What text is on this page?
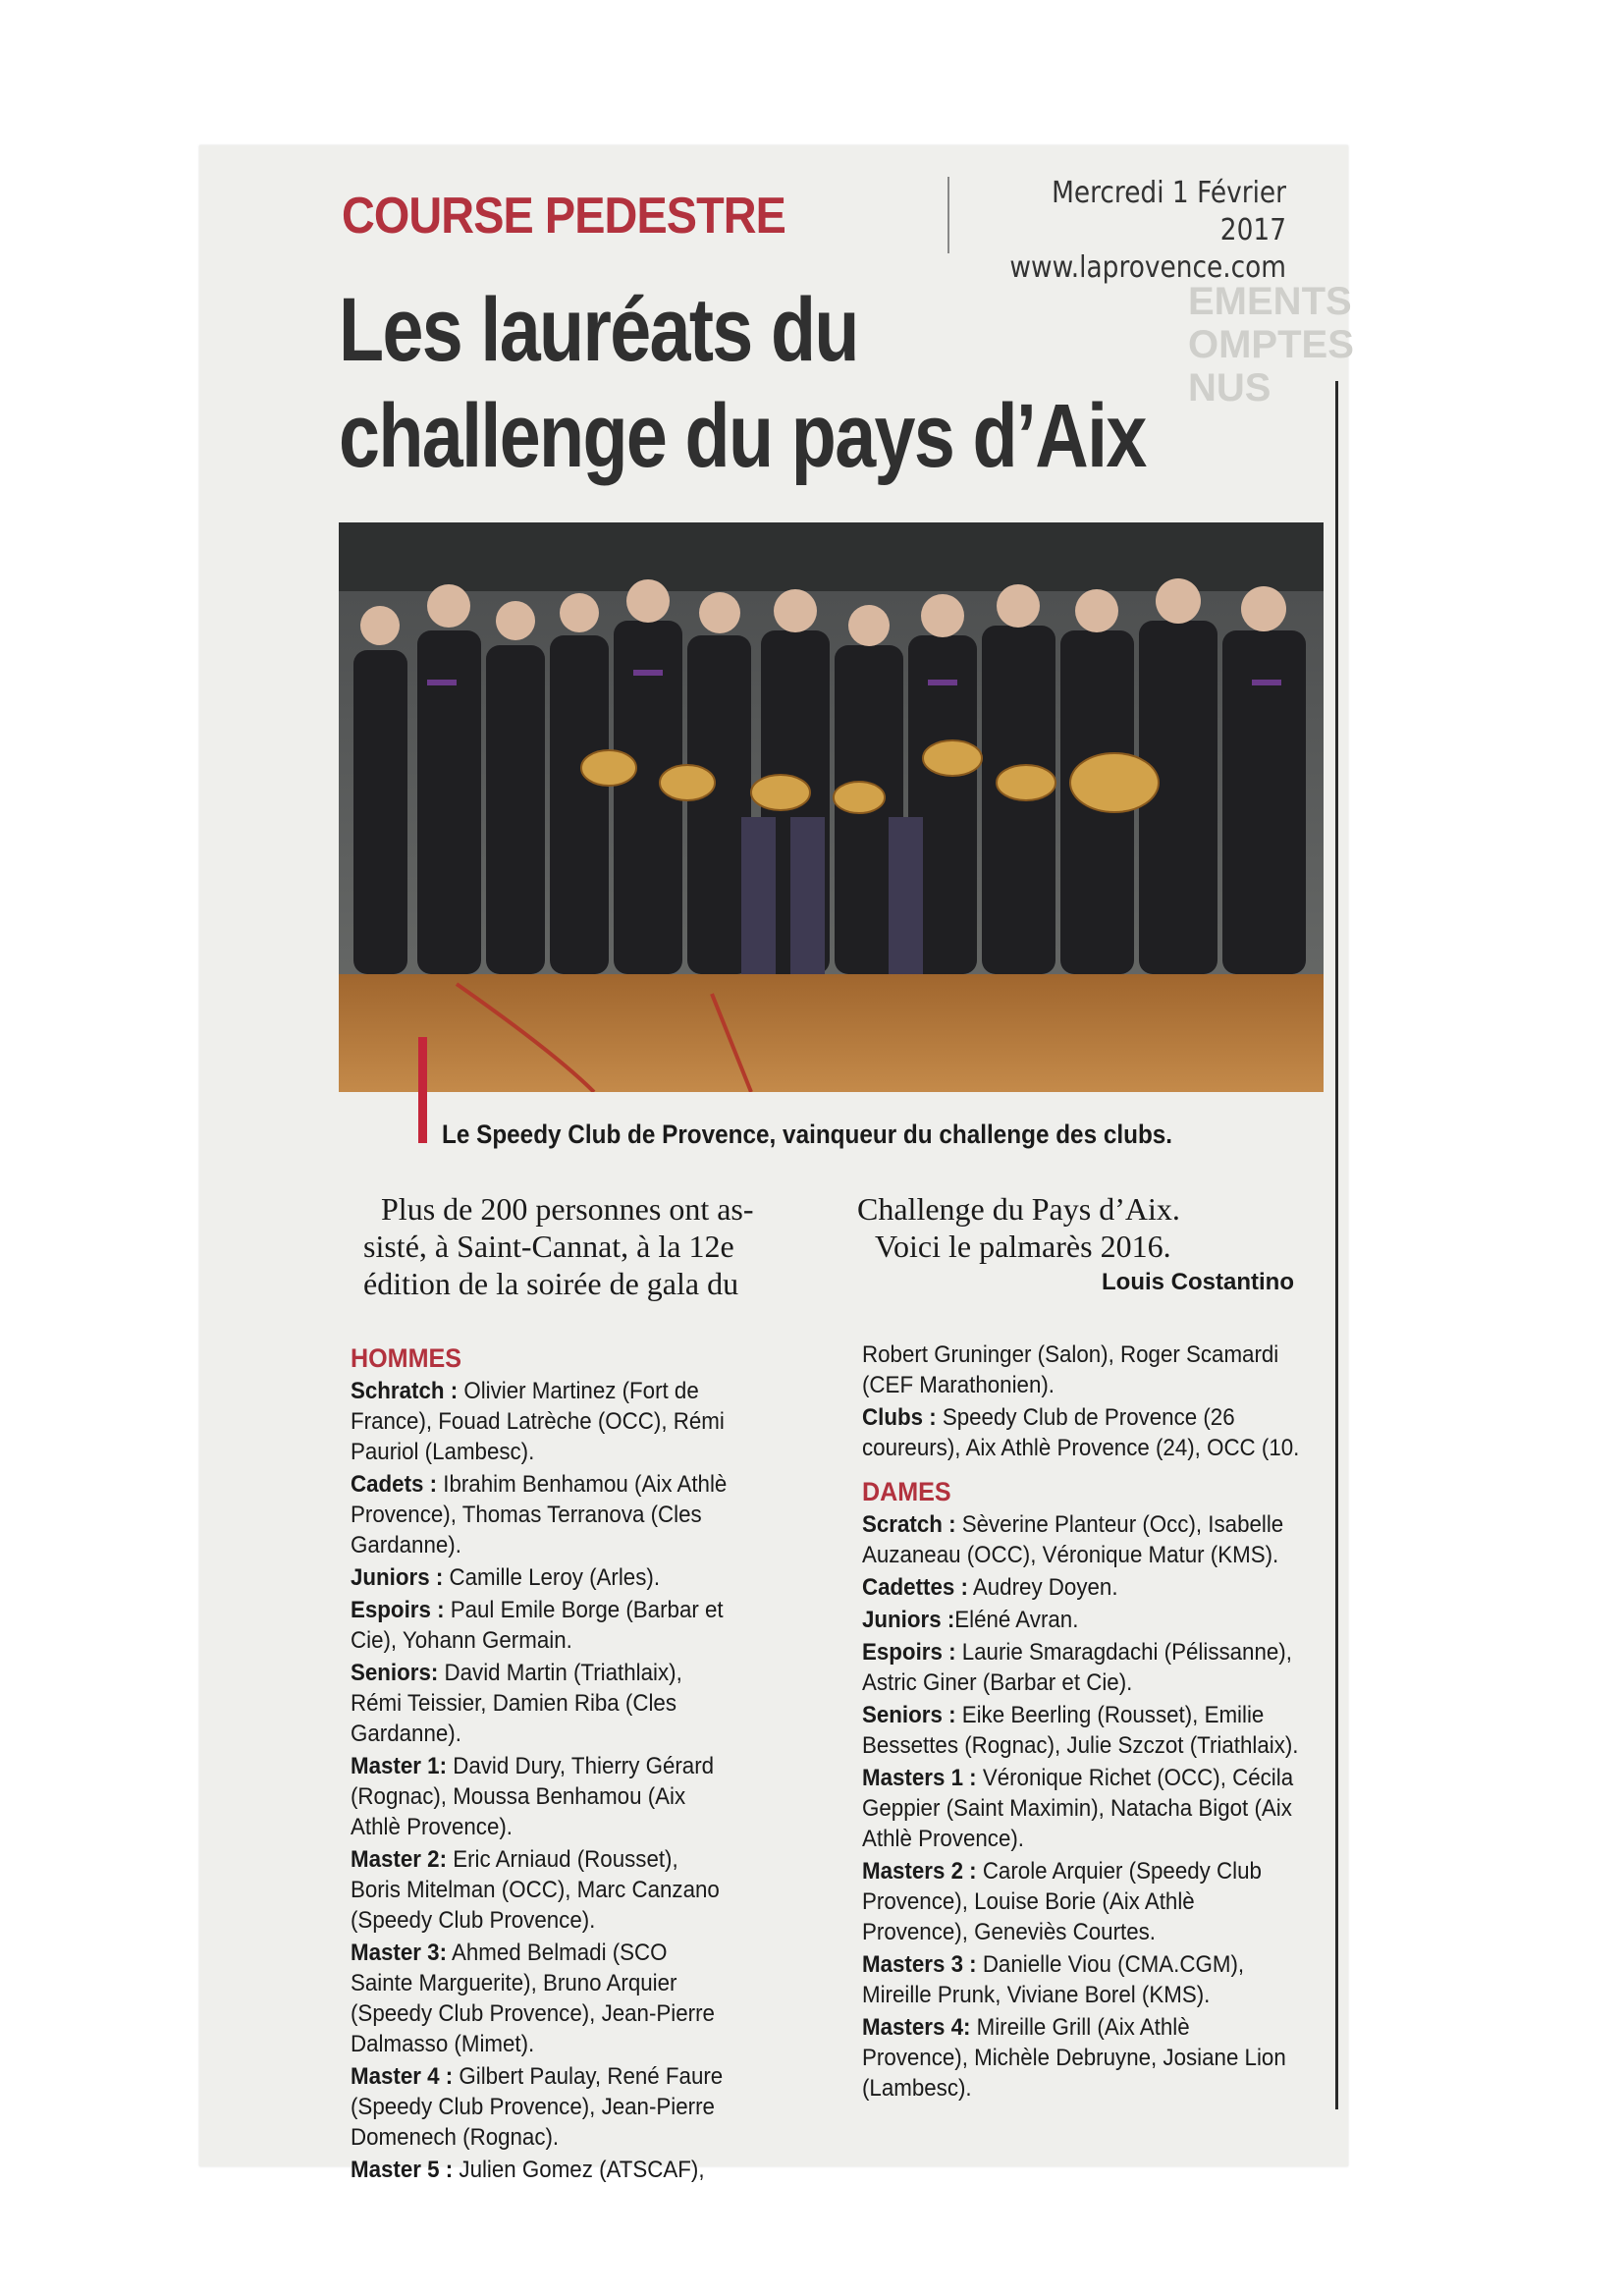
EMENTS
OMPTES
NUS
COURSE PEDESTRE	Mercredi 1 Février 2017
www.laprovence.com
Les lauréats du
challenge du pays d’Aix
Le Speedy Club de Provence, vainqueur du challenge des clubs.
Plus de 200 personnes ont as-
sisté, à Saint-Cannat, à la 12e
édition de la soirée de gala du
Challenge du Pays d’Aix.
Voici le palmarès 2016.
Louis Costantino
HOMMES

Schratch : Olivier Martinez (Fort de France), Fouad Latrèche (OCC), Rémi Pauriol (Lambesc).

Cadets : Ibrahim Benhamou (Aix Athlè Provence), Thomas Terranova (Cles Gardanne).

Juniors : Camille Leroy (Arles).

Espoirs : Paul Emile Borge (Barbar et Cie), Yohann Germain.

Seniors: David Martin (Triathlaix), Rémi Teissier, Damien Riba (Cles Gardanne).

Master 1: David Dury, Thierry Gérard (Rognac), Moussa Benhamou (Aix Athlè Provence).

Master 2: Eric Arniaud (Rousset), Boris Mitelman (OCC), Marc Canzano (Speedy Club Provence).

Master 3: Ahmed Belmadi (SCO Sainte Marguerite), Bruno Arquier (Speedy Club Provence), Jean-Pierre Dalmasso (Mimet).

Master 4 : Gilbert Paulay, René Faure (Speedy Club Provence), Jean-Pierre Domenech (Rognac).

Master 5 : Julien Gomez (ATSCAF),

Robert Gruninger (Salon), Roger Scamardi (CEF Marathonien).

Clubs : Speedy Club de Provence (26 coureurs), Aix Athlè Provence (24), OCC (10.

DAMES

Scratch : Sèverine Planteur (Occ), Isabelle Auzaneau (OCC), Véronique Matur (KMS).

Cadettes : Audrey Doyen.

Juniors :Eléné Avran.

Espoirs : Laurie Smaragdachi (Pélissanne), Astric Giner (Barbar et Cie).

Seniors : Eike Beerling (Rousset), Emilie Bessettes (Rognac), Julie Szczot (Triathlaix).

Masters 1 : Véronique Richet (OCC), Cécila Geppier (Saint Maximin), Natacha Bigot (Aix Athlè Provence).

Masters 2 : Carole Arquier (Speedy Club Provence), Louise Borie (Aix Athlè Provence), Geneviès Courtes.

Masters 3 : Danielle Viou (CMA.CGM), Mireille Prunk, Viviane Borel (KMS).

Masters 4: Mireille Grill (Aix Athlè Provence), Michèle Debruyne, Josiane Lion (Lambesc).
